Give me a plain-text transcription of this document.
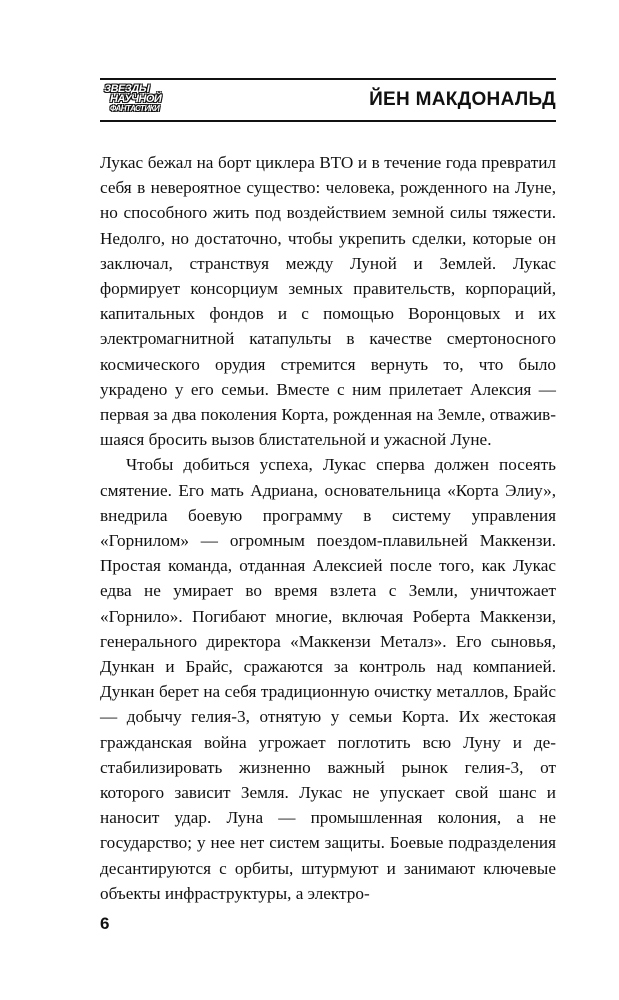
ЗВЕЗДЫ
НАУЧНОЙ
ФАНТАСТИКИ	ЙЕН МАКДОНАЛЬД

Лукас бежал на борт циклера ВТО и в течение года превратил себя в невероятное существо: человека, рожденного на Луне, но способного жить под воздействием земной силы тяжести. Недолго, но достаточно, чтобы укрепить сделки, которые он заключал, странствуя между Луной и Землей. Лукас формирует консорциум земных правительств, корпораций, капитальных фондов и с помощью Воронцовых и их электромагнитной катапульты в качестве смертоносного космического орудия стремится вернуть то, что было украдено у его семьи. Вместе с ним прилетает Алексия — первая за два поколения Корта, рожденная на Земле, отважившаяся бросить вызов блистательной и ужасной Луне.

Чтобы добиться успеха, Лукас сперва должен посеять смятение. Его мать Адриана, основательница «Корта Элиу», внедрила боевую программу в систему управления «Горнилом» — огромным поездом-плавильней Маккензи. Простая команда, отданная Алексией после того, как Лукас едва не умирает во время взлета с Земли, уничтожает «Горнило». Погибают многие, включая Роберта Маккензи, генерального директора «Маккензи Металз». Его сыновья, Дункан и Брайс, сражаются за контроль над компанией. Дункан берет на себя традиционную очистку металлов, Брайс — добычу гелия-3, отнятую у семьи Корта. Их жестокая гражданская война угрожает поглотить всю Луну и дестабилизировать жизненно важный рынок гелия-3, от которого зависит Земля. Лукас не упускает свой шанс и наносит удар. Луна — промышленная колония, а не государство; у нее нет систем защиты. Боевые подразделения десантируются с орбиты, штурмуют и занимают ключевые объекты инфраструктуры, а электро-

6
